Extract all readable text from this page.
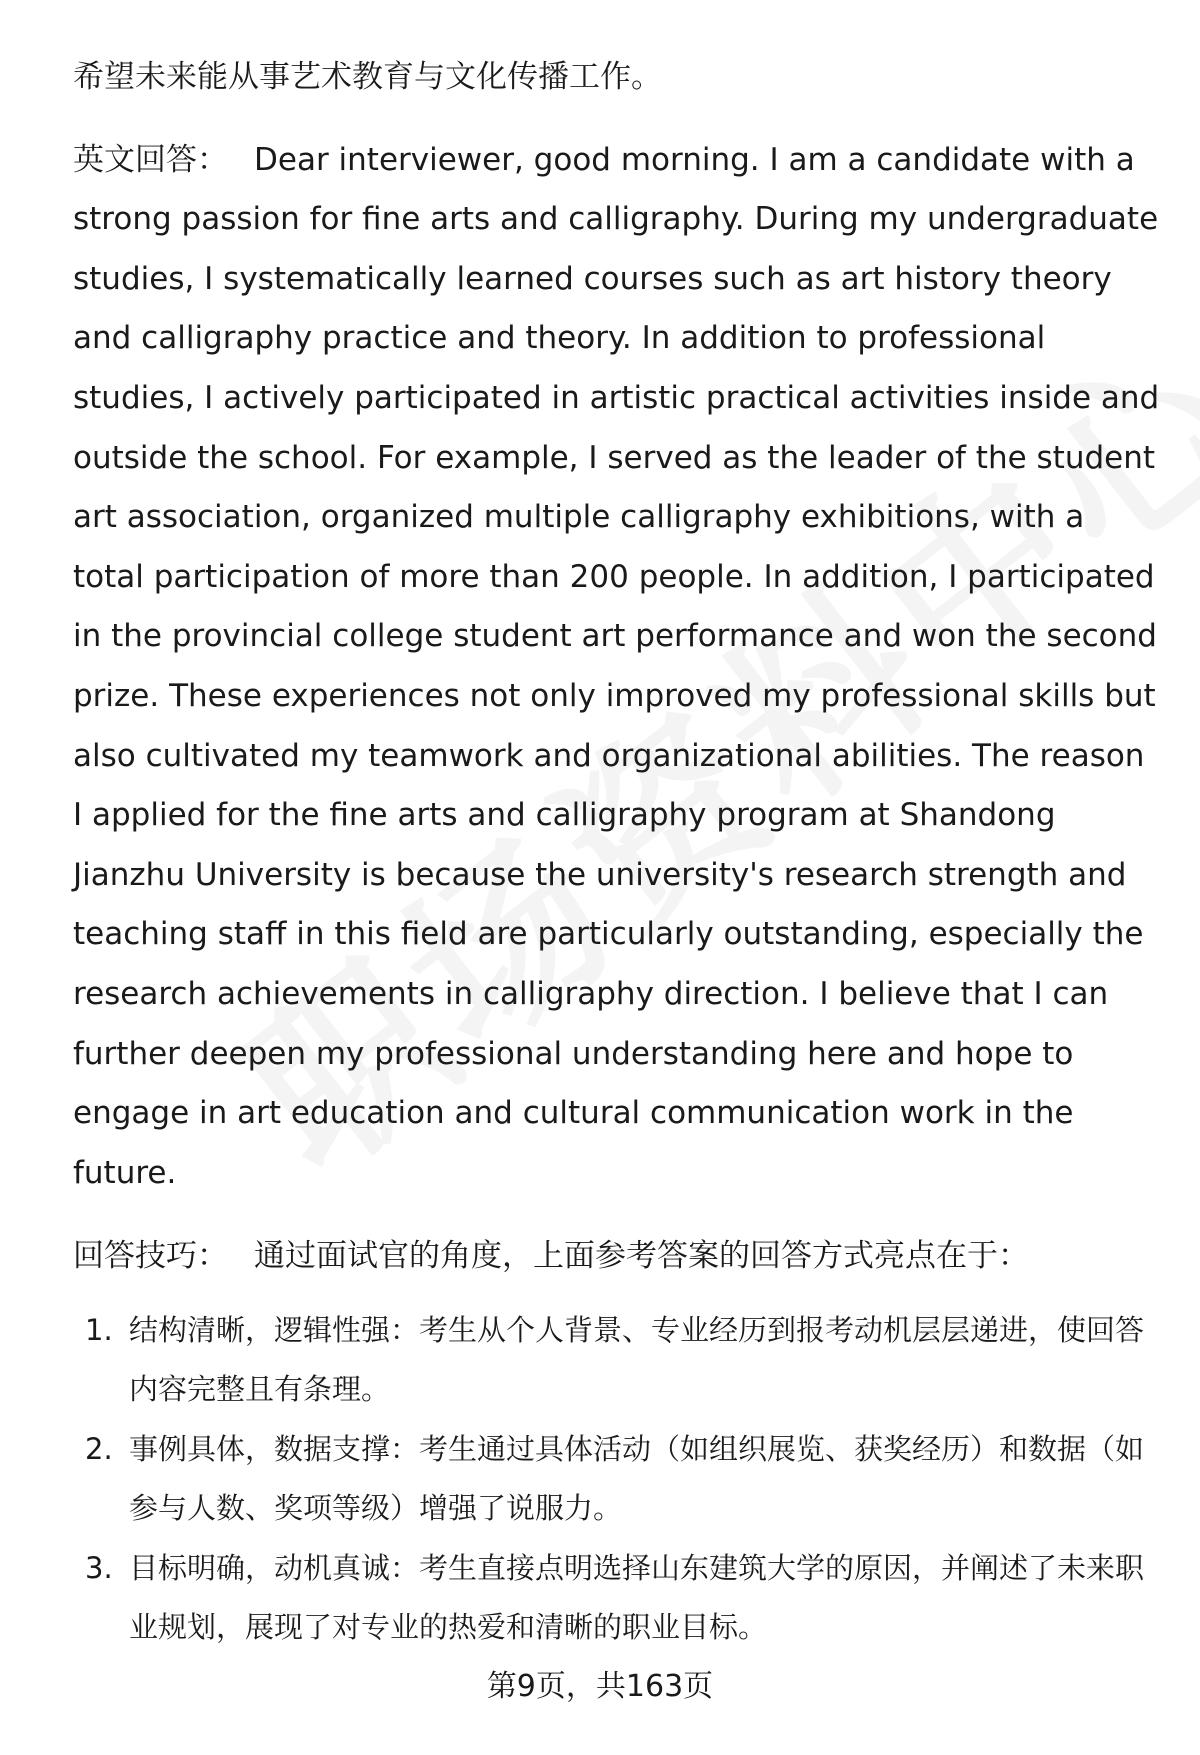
希望未来能从事艺术教育与文化传播工作。

英文回答： Dear interviewer, good morning. I am a candidate with a strong passion for fine arts and calligraphy. During my undergraduate studies, I systematically learned courses such as art history theory and calligraphy practice and theory. In addition to professional studies, I actively participated in artistic practical activities inside and outside the school. For example, I served as the leader of the student art association, organized multiple calligraphy exhibitions, with a total participation of more than 200 people. In addition, I participated in the provincial college student art performance and won the second prize. These experiences not only improved my professional skills but also cultivated my teamwork and organizational abilities. The reason I applied for the fine arts and calligraphy program at Shandong Jianzhu University is because the university's research strength and teaching staff in this field are particularly outstanding, especially the research achievements in calligraphy direction. I believe that I can further deepen my professional understanding here and hope to engage in art education and cultural communication work in the future.

回答技巧： 通过面试官的角度，上面参考答案的回答方式亮点在于：

1. 结构清晰，逻辑性强：考生从个人背景、专业经历到报考动机层层递进，使回答内容完整且有条理。
2. 事例具体，数据支撑：考生通过具体活动（如组织展览、获奖经历）和数据（如参与人数、奖项等级）增强了说服力。
3. 目标明确，动机真诚：考生直接点明选择山东建筑大学的原因，并阐述了未来职业规划，展现了对专业的热爱和清晰的职业目标。
第9页，共163页
